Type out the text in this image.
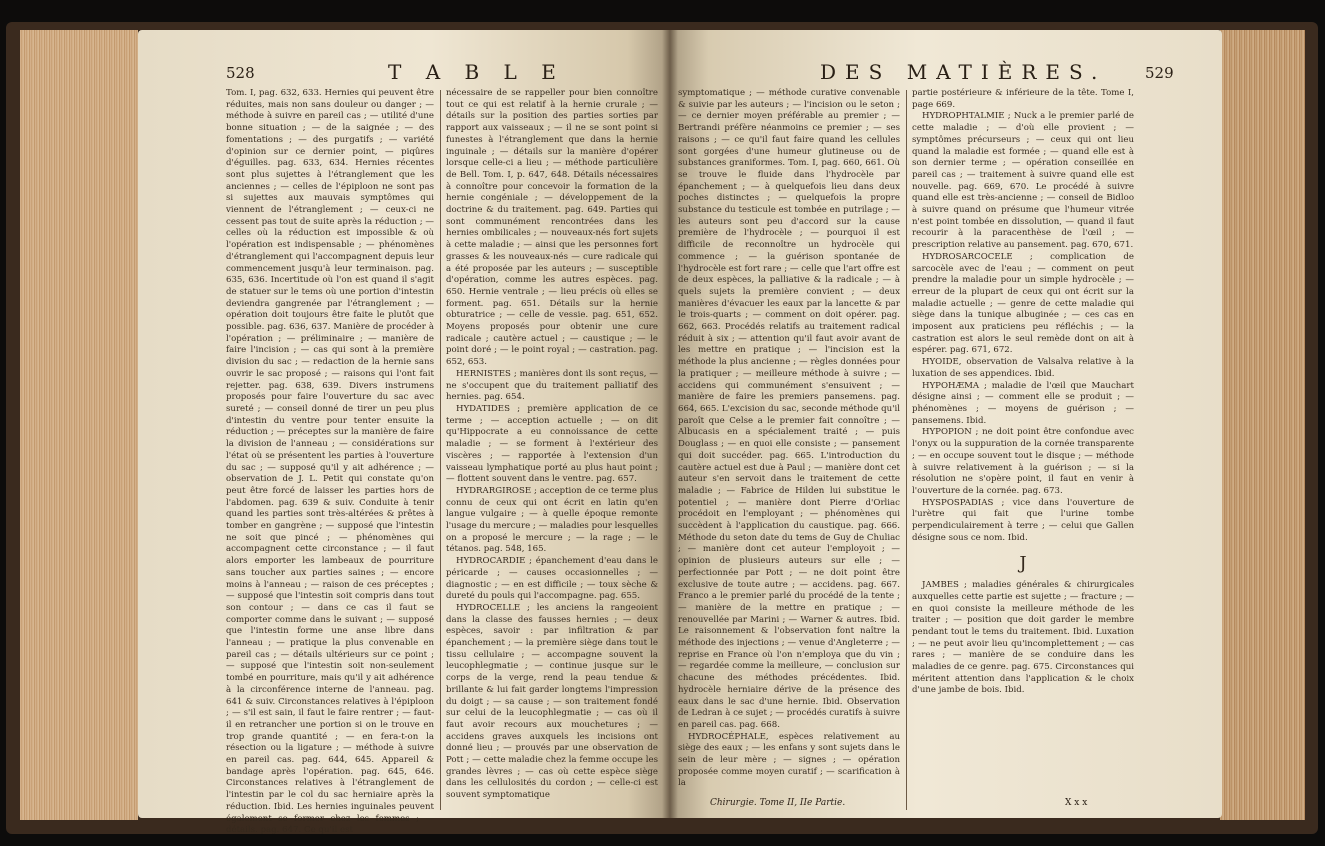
528	T A B L E

Tom. I, pag. 632, 633. Hernies qui peuvent être réduites, mais non sans douleur ou danger ; — méthode à suivre en pareil cas ; — utilité d'une bonne situation ; — de la saignée ; — des fomentations ; — des purgatifs ; — variété d'opinion sur ce dernier point, — piqûres d'éguilles. pag. 633, 634. Hernies récentes sont plus sujettes à l'étranglement que les anciennes ; — celles de l'épiploon ne sont pas si sujettes aux mauvais symptômes qui viennent de l'étranglement ; — ceux-ci ne cessent pas tout de suite après la réduction ; — celles où la réduction est impossible & où l'opération est indispensable ; — phénomènes d'étranglement qui l'accompagnent depuis leur commencement jusqu'à leur terminaison. pag. 635, 636. Incertitude où l'on est quand il s'agit de statuer sur le tems où une portion d'intestin deviendra gangrenée par l'étranglement ; — opération doit toujours être faite le plutôt que possible. pag. 636, 637. Manière de procéder à l'opération ; — préliminaire ; — manière de faire l'incision ; — cas qui sont à la première division du sac ; — redaction de la hernie sans ouvrir le sac proposé ; — raisons qui l'ont fait rejetter. pag. 638, 639. Divers instrumens proposés pour faire l'ouverture du sac avec sureté ; — conseil donné de tirer un peu plus d'intestin du ventre pour tenter ensuite la réduction ; — préceptes sur la manière de faire la division de l'anneau ; — considérations sur l'état où se présentent les parties à l'ouverture du sac ; — supposé qu'il y ait adhérence ; — observation de J. L. Petit qui constate qu'on peut être forcé de laisser les parties hors de l'abdomen. pag. 639 & suiv. Conduite à tenir quand les parties sont très-altérées & prêtes à tomber en gangrène ; — supposé que l'intestin ne soit que pincé ; — phénomènes qui accompagnent cette circonstance ; — il faut alors emporter les lambeaux de pourriture sans toucher aux parties saines ; — encore moins à l'anneau ; — raison de ces préceptes ; — supposé que l'intestin soit compris dans tout son contour ; — dans ce cas il faut se comporter comme dans le suivant ; — supposé que l'intestin forme une anse libre dans l'anneau ; — pratique la plus convenable en pareil cas ; — détails ultérieurs sur ce point ; — supposé que l'intestin soit non-seulement tombé en pourriture, mais qu'il y ait adhérence à la circonférence interne de l'anneau. pag. 641 & suiv. Circonstances relatives à l'épiploon ; — s'il est sain, il faut le faire rentrer ; — faut-il en retrancher une portion si on le trouve en trop grande quantité ; — en fera-t-on la résection ou la ligature ; — méthode à suivre en pareil cas. pag. 644, 645. Appareil & bandage après l'opération. pag. 645, 646. Circonstances relatives à l'étranglement de l'intestin par le col du sac herniaire après la réduction. Ibid. Les hernies inguinales peuvent également se former chez les femmes ; — détails. pag. 647. Ce qu'il est

nécessaire de se rappeller pour bien connoître tout ce qui est relatif à la hernie crurale ; — détails sur la position des parties sorties par rapport aux vaisseaux ; — il ne se sont point si funestes à l'étranglement que dans la hernie inguinale ; — détails sur la manière d'opérer lorsque celle-ci a lieu ; — méthode particulière de Bell. Tom. I, p. 647, 648. Détails nécessaires à connoître pour concevoir la formation de la hernie congéniale ; — développement de la doctrine & du traitement. pag. 649. Parties qui sont communément rencontrées dans les hernies ombilicales ; — nouveaux-nés fort sujets à cette maladie ; — ainsi que les personnes fort grasses & les nouveaux-nés — cure radicale qui a été proposée par les auteurs ; — susceptible d'opération, comme les autres espèces. pag. 650. Hernie ventrale ; — lieu précis où elles se forment. pag. 651. Détails sur la hernie obturatrice ; — celle de vessie. pag. 651, 652. Moyens proposés pour obtenir une cure radicale ; cautère actuel ; — caustique ; — le point doré ; — le point royal ; — castration. pag. 652, 653.

HERNISTES ; manières dont ils sont reçus, — ne s'occupent que du traitement palliatif des hernies. pag. 654.

HYDATIDES ; première application de ce terme ; — acception actuelle ; — on dit qu'Hippocrate a eu connoissance de cette maladie ; — se forment à l'extérieur des viscères ; — rapportée à l'extension d'un vaisseau lymphatique porté au plus haut point ; — flottent souvent dans le ventre. pag. 657.

HYDRARGIROSE ; acception de ce terme plus connu de ceux qui ont écrit en latin qu'en langue vulgaire ; — à quelle époque remonte l'usage du mercure ; — maladies pour lesquelles on a proposé le mercure ; — la rage ; — le tétanos. pag. 548, 165.

HYDROCARDIE ; épanchement d'eau dans le péricarde ; — causes occasionnelles ; — diagnostic ; — en est difficile ; — toux sèche & dureté du pouls qui l'accompagne. pag. 655.

HYDROCELLE ; les anciens la rangeoient dans la classe des fausses hernies ; — deux espèces, savoir : par infiltration & par épanchement ; — la première siège dans tout le tissu cellulaire ; — accompagne souvent la leucophlegmatie ; — continue jusque sur le corps de la verge, rend la peau tendue & brillante & lui fait garder longtems l'impression du doigt ; — sa cause ; — son traitement fondé sur celui de la leucophlegmatie ; — cas où il faut avoir recours aux mouchetures ; — accidens graves auxquels les incisions ont donné lieu ; — prouvés par une observation de Pott ; — cette maladie chez la femme occupe les grandes lèvres ; — cas où cette espèce siège dans les cellulosités du cordon ; — celle-ci est souvent symptomatique

DES MATIÈRES.	529

symptomatique ; — méthode curative convenable & suivie par les auteurs ; — l'incision ou le seton ; — ce dernier moyen préférable au premier ; — Bertrandi préfère néanmoins ce premier ; — ses raisons ; — ce qu'il faut faire quand les cellules sont gorgées d'une humeur glutineuse ou de substances graniformes. Tom. I, pag. 660, 661. Où se trouve le fluide dans l'hydrocèle par épanchement ; — à quelquefois lieu dans deux poches distinctes ; — quelquefois la propre substance du testicule est tombée en putrilage ; — les auteurs sont peu d'accord sur la cause première de l'hydrocèle ; — pourquoi il est difficile de reconnoître un hydrocèle qui commence ; — la guérison spontanée de l'hydrocèle est fort rare ; — celle que l'art offre est de deux espèces, la palliative & la radicale ; — à quels sujets la première convient ; — deux manières d'évacuer les eaux par la lancette & par le trois-quarts ; — comment on doit opérer. pag. 662, 663. Procédés relatifs au traitement radical réduit à six ; — attention qu'il faut avoir avant de les mettre en pratique ; — l'incision est la méthode la plus ancienne ; — règles données pour la pratiquer ; — meilleure méthode à suivre ; — accidens qui communément s'ensuivent ; — manière de faire les premiers pansemens. pag. 664, 665. L'excision du sac, seconde méthode qu'il paroît que Celse a le premier fait connoître ; — Albucasis en a spécialement traité ; — puis Douglass ; — en quoi elle consiste ; — pansement qui doit succéder. pag. 665. L'introduction du cautère actuel est due à Paul ; — manière dont cet auteur s'en servoit dans le traitement de cette maladie ; — Fabrice de Hilden lui substitue le potentiel ; — manière dont Pierre d'Orliac procédoit en l'employant ; — phénomènes qui succèdent à l'application du caustique. pag. 666. Méthode du seton date du tems de Guy de Chuliac ; — manière dont cet auteur l'employoit ; — opinion de plusieurs auteurs sur elle ; — perfectionnée par Pott ; — ne doit point être exclusive de toute autre ; — accidens. pag. 667. Franco a le premier parlé du procédé de la tente ; — manière de la mettre en pratique ; — renouvellée par Marini ; — Warner & autres. Ibid. Le raisonnement & l'observation font naître la méthode des injections ; — venue d'Angleterre ; — reprise en France où l'on n'employa que du vin ; — regardée comme la meilleure, — conclusion sur chacune des méthodes précédentes. Ibid. hydrocèle herniaire dérive de la présence des eaux dans le sac d'une hernie. Ibid. Observation de Ledran à ce sujet ; — procédés curatifs à suivre en pareil cas. pag. 668.

HYDROCÉPHALE, espèces relativement au siège des eaux ; — les enfans y sont sujets dans le sein de leur mère ; — signes ; — opération proposée comme moyen curatif ; — scarification à la

partie postérieure & inférieure de la tête. Tome I, page 669.

HYDROPHTALMIE ; Nuck a le premier parlé de cette maladie ; — d'où elle provient ; — symptômes précurseurs ; — ceux qui ont lieu quand la maladie est formée ; — quand elle est à son dernier terme ; — opération conseillée en pareil cas ; — traitement à suivre quand elle est nouvelle. pag. 669, 670. Le procédé à suivre quand elle est très-ancienne ; — conseil de Bidloo à suivre quand on présume que l'humeur vitrée n'est point tombée en dissolution, — quand il faut recourir à la paracenthèse de l'œil ; — prescription relative au pansement. pag. 670, 671.

HYDROSARCOCELE ; complication de sarcocèle avec de l'eau ; — comment on peut prendre la maladie pour un simple hydrocèle ; — erreur de la plupart de ceux qui ont écrit sur la maladie actuelle ; — genre de cette maladie qui siège dans la tunique albuginée ; — ces cas en imposent aux praticiens peu réfléchis ; — la castration est alors le seul remède dont on ait à espérer. pag. 671, 672.

HYOIDE, observation de Valsalva relative à la luxation de ses appendices. Ibid.

HYPOHÆMA ; maladie de l'œil que Mauchart désigne ainsi ; — comment elle se produit ; — phénomènes ; — moyens de guérison ; — pansemens. Ibid.

HYPOPION ; ne doit point être confondue avec l'onyx ou la suppuration de la cornée transparente ; — en occupe souvent tout le disque ; — méthode à suivre relativement à la guérison ; — si la résolution ne s'opère point, il faut en venir à l'ouverture de la cornée. pag. 673.

HYSPOSPADIAS ; vice dans l'ouverture de l'urètre qui fait que l'urine tombe perpendiculairement à terre ; — celui que Gallen désigne sous ce nom. Ibid.

J

JAMBES ; maladies générales & chirurgicales auxquelles cette partie est sujette ; — fracture ; — en quoi consiste la meilleure méthode de les traiter ; — position que doit garder le membre pendant tout le tems du traitement. Ibid. Luxation ; — ne peut avoir lieu qu'incomplettement ; — cas rares ; — manière de se conduire dans les maladies de ce genre. pag. 675. Circonstances qui méritent attention dans l'application & le choix d'une jambe de bois. Ibid.

Chirurgie. Tome II, IIe Partie.	X x x
